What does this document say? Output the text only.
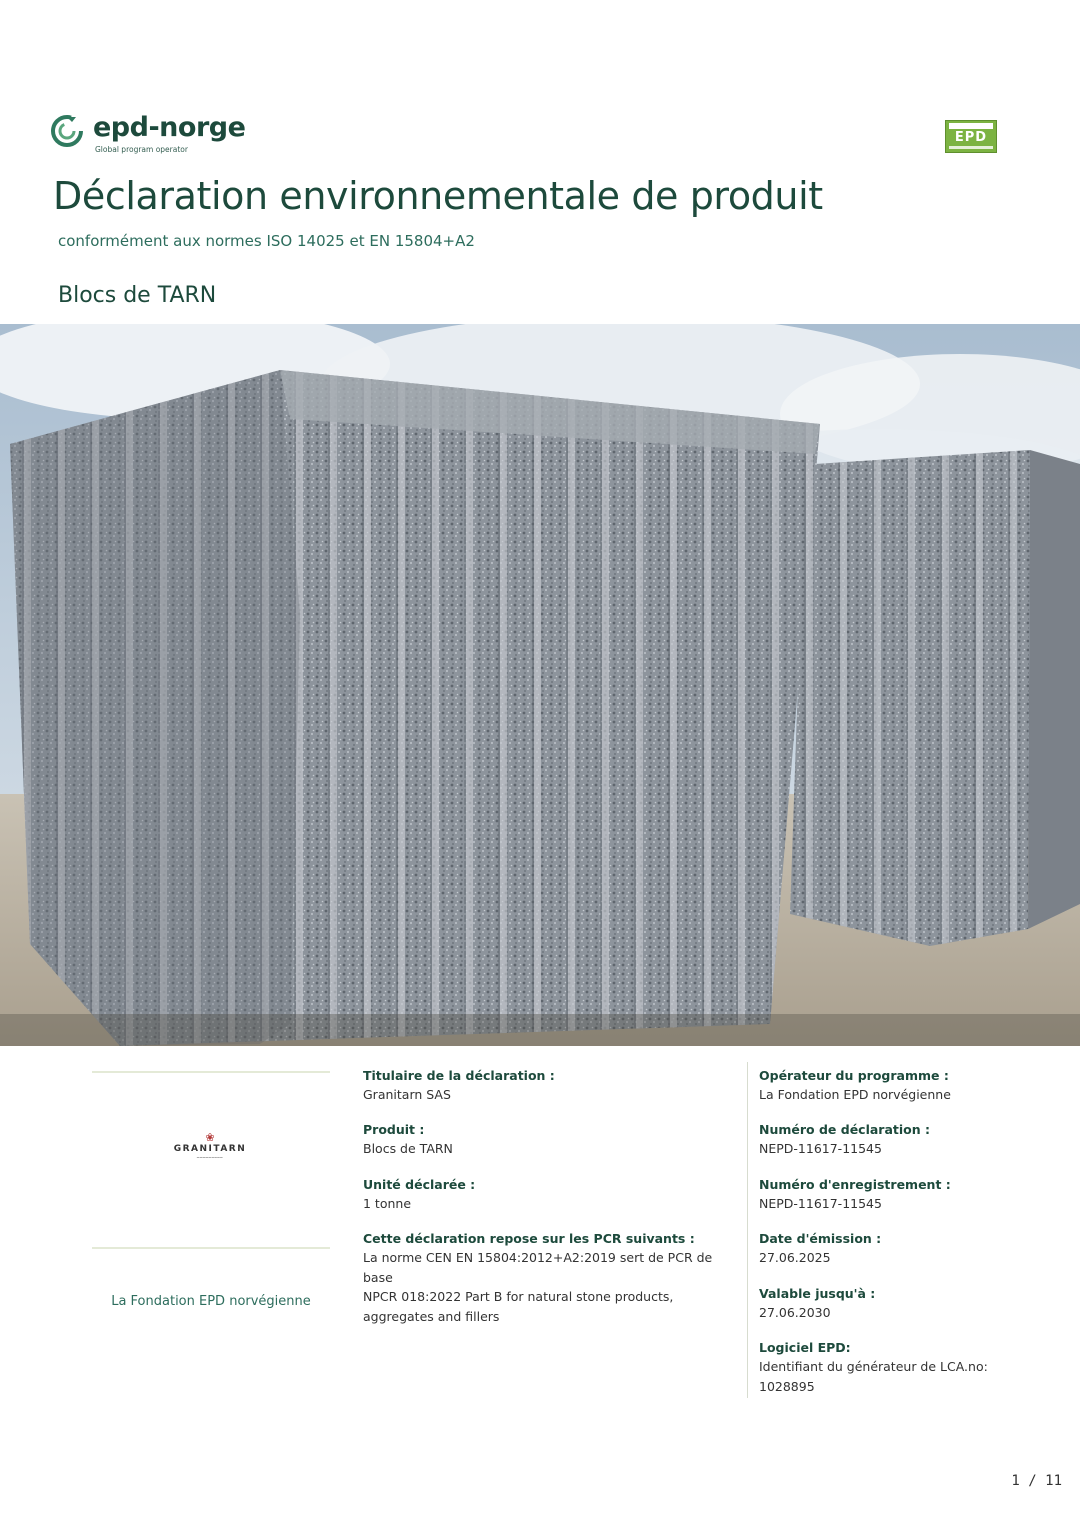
epd-norge
Global program operator
EPD
Déclaration environnementale de produit
conformément aux normes ISO 14025 et EN 15804+A2
Blocs de TARN
❀
GRANITARN
━━━━━━━━━
La Fondation EPD norvégienne
Titulaire de la déclaration :
Granitarn SAS
Produit :
Blocs de TARN
Unité déclarée :
1 tonne
Cette déclaration repose sur les PCR suivants :
La norme CEN EN 15804:2012+A2:2019 sert de PCR de
base
NPCR 018:2022 Part B for natural stone products,
aggregates and fillers
Opérateur du programme :
La Fondation EPD norvégienne
Numéro de déclaration :
NEPD-11617-11545
Numéro d'enregistrement :
NEPD-11617-11545
Date d'émission :
27.06.2025
Valable jusqu'à :
27.06.2030
Logiciel EPD:
Identifiant du générateur de LCA.no:
1028895
1 / 11
